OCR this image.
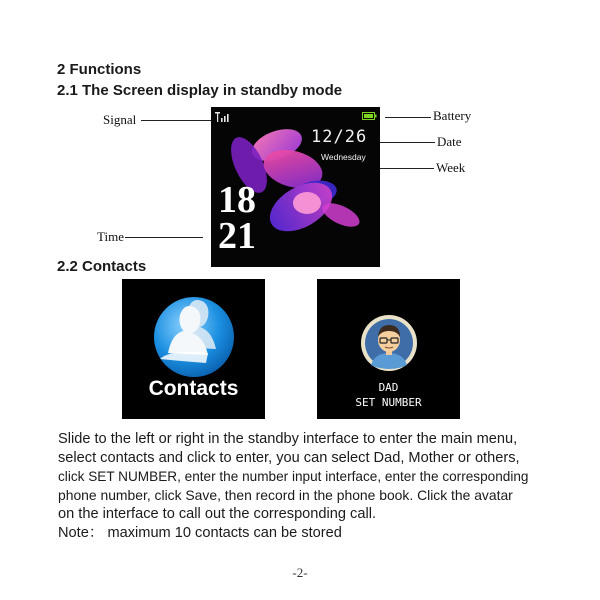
2 Functions
2.1 The Screen display in standby mode
Signal	Battery
Date
Week
Time
12/26
Wednesday
18
21
2.2 Contacts
Contacts	DAD
SET NUMBER

Slide to the left or right in the standby interface to enter the main menu,

select contacts and click to enter, you can select Dad, Mother or others,

click SET NUMBER, enter the number input interface, enter the corresponding

phone number, click Save, then record in the phone book. Click the avatar

on the interface to call out the corresponding call.

Note： maximum 10 contacts can be stored

-2-
